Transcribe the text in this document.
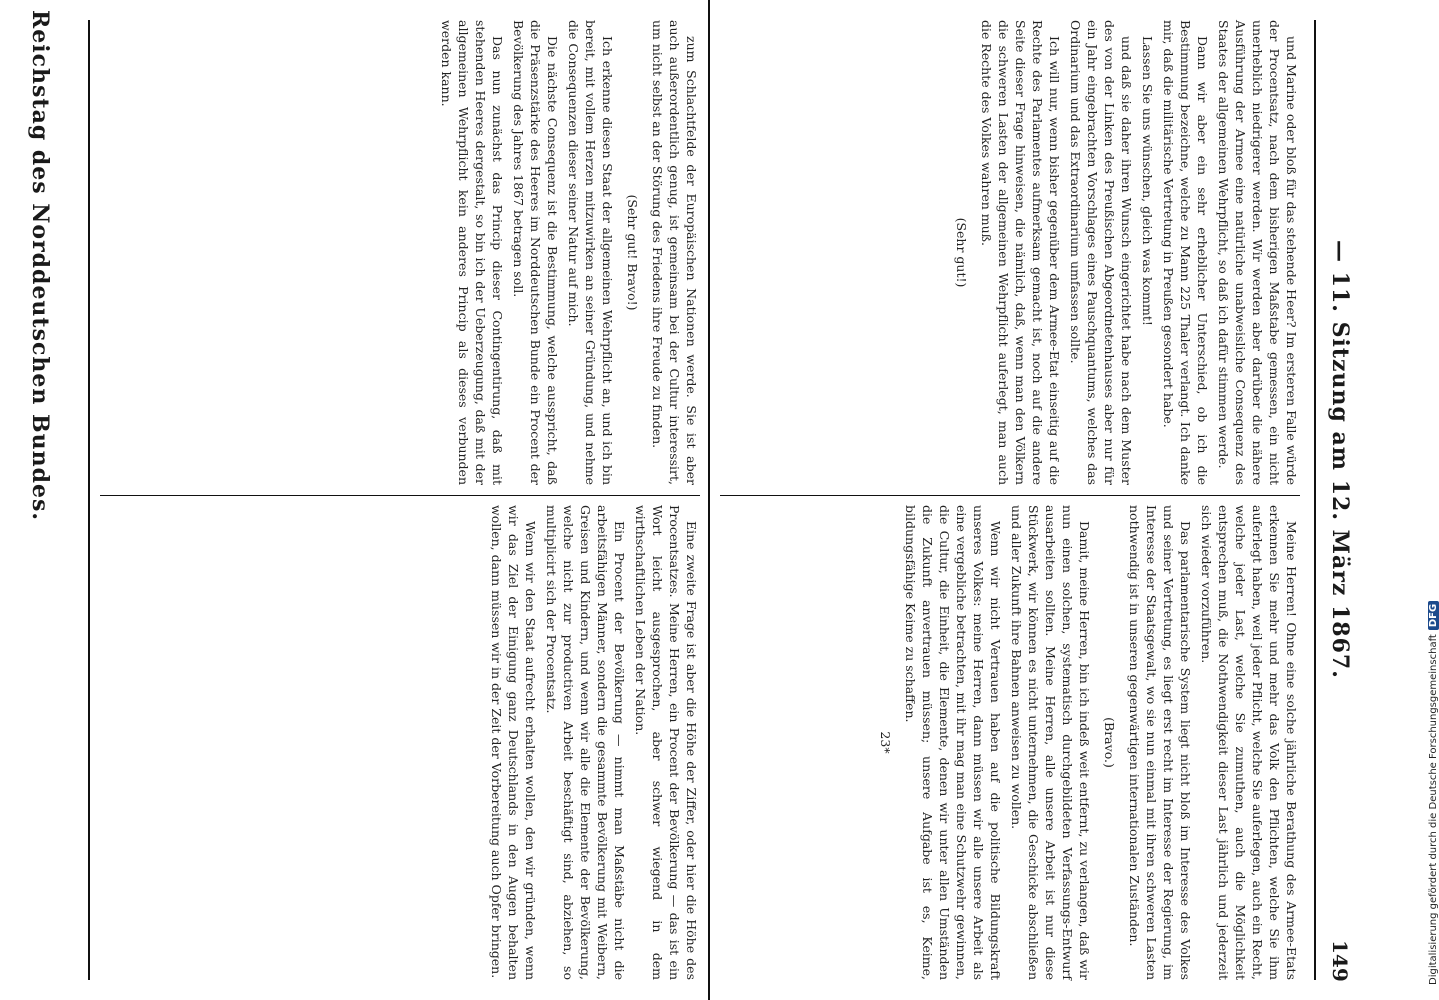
Reichstag des Norddeutschen Bundes.	— 11. Sitzung am 12. März 1867.
149

und Marine oder bloß für das stehende Heer? Im ersteren Falle würde der Procentsatz, nach dem bisherigen Maßstabe gemessen, ein nicht unerheblich niedrigerer werden. Wir werden aber darüber die nähere Ausführung der Armee eine natürliche unabweisliche Consequenz des Staates der allgemeinen Wehrpflicht, so daß ich dafür stimmen werde.

Dann wir aber ein sehr erheblicher Unterschied, ob ich die Bestimmung bezeichne, welche zu Mann 225 Thaler verlangt. Ich danke mir, daß die militärische Vertretung in Preußen gesondert habe.

Lassen Sie uns wünschen, gleich was kommt!

und daß sie daher ihren Wunsch eingerichtet habe nach dem Muster des von der Linken des Preußischen Abgeordnetenhauses aber nur für ein Jahr eingebrachten Vorschlages eines Pauschquantums, welches das Ordinarium und das Extraordinarium umfassen sollte.

Ich will nur, wenn bisher gegenüber dem Armee-Etat einseitig auf die Rechte des Parlamentes aufmerksam gemacht ist, noch auf die andere Seite dieser Frage hinweisen, die nämlich, daß, wenn man den Völkern die schweren Lasten der allgemeinen Wehrpflicht auferlegt, man auch die Rechte des Volkes wahren muß.

(Sehr gut!)

Meine Herren! Ohne eine solche jährliche Berathung des Armee-Etats erkennen Sie mehr und mehr das Volk den Pflichten, welche Sie ihm auferlegt haben, weil jeder Pflicht, welche Sie auferlegen, auch ein Recht, welche jeder Last, welche Sie zumuthen, auch die Möglichkeit entsprechen muß, die Nothwendigkeit dieser Last jährlich und jederzeit sich wieder vorzuführen.

Das parlamentarische System liegt nicht bloß im Interesse des Volkes und seiner Vertretung, es liegt erst recht im Interesse der Regierung, im Interesse der Staatsgewalt, wo sie nun einmal mit ihren schweren Lasten nothwendig ist in unseren gegenwärtigen internationalen Zuständen.

(Bravo.)

Damit, meine Herren, bin ich indeß weit entfernt, zu verlangen, daß wir nun einen solchen, systematisch durchgebildeten Verfassungs-Entwurf ausarbeiten sollten. Meine Herren, alle unsere Arbeit ist nur diese Stückwerk, wir können es nicht unternehmen, die Geschicke abschließen und aller Zukunft ihre Bahnen anweisen zu wollen.

Wenn wir nicht Vertrauen haben auf die politische Bildungskraft unseres Volkes: meine Herren, dann müssen wir alle unsere Arbeit als eine vergebliche betrachten, mit ihr mag man eine Schutzwehr gewinnen, die Cultur, die Einheit, die Elemente, denen wir unter allen Umständen die Zukunft anvertrauen müssen; unsere Aufgabe ist es, Keime, bildungsfähige Keime zu schaffen.

23*

zum Schlachtfelde der Europäischen Nationen werde. Sie ist aber auch außerordentlich genug, ist gemeinsam bei der Cultur interessirt, um nicht selbst an der Störung des Friedens ihre Freude zu finden.

(Sehr gut! Bravo!)

Ich erkenne diesen Staat der allgemeinen Wehrpflicht an, und ich bin bereit, mit vollem Herzen mitzuwirken an seiner Gründung, und nehme die Consequenzen dieser seiner Natur auf mich.

Die nächste Consequenz ist die Bestimmung, welche ausspricht, daß die Präsenzstärke des Heeres im Norddeutschen Bunde ein Procent der Bevölkerung des Jahres 1867 betragen soll.

Das nun zunächst das Princip dieser Contingentirung, daß mit stehenden Heeres dergestalt, so bin ich der Ueberzeugung, daß mit der allgemeinen Wehrpflicht kein anderes Princip als dieses verbunden werden kann.

Eine zweite Frage ist aber die Höhe der Ziffer, oder hier die Höhe des Procentsatzes. Meine Herren, ein Procent der Bevölkerung — das ist ein Wort leicht ausgesprochen, aber schwer wiegend in dem wirthschaftlichen Leben der Nation.

Ein Procent der Bevölkerung — nimmt man Maßstäbe nicht die arbeitsfähigen Männer, sondern die gesammte Bevölkerung mit Weibern, Greisen und Kindern, und wenn wir alle die Elemente der Bevölkerung, welche nicht zur productiven Arbeit beschäftigt sind, abziehen, so multiplicirt sich der Procentsatz.

Wenn wir den Staat aufrecht erhalten wollen, den wir gründen, wenn wir das Ziel der Einigung ganz Deutschlands in den Augen behalten wollen, dann müssen wir in der Zeit der Vorbereitung auch Opfer bringen.	Digitalisierung gefördert durch die Deutsche ForschungsgemeinschaftDFG
